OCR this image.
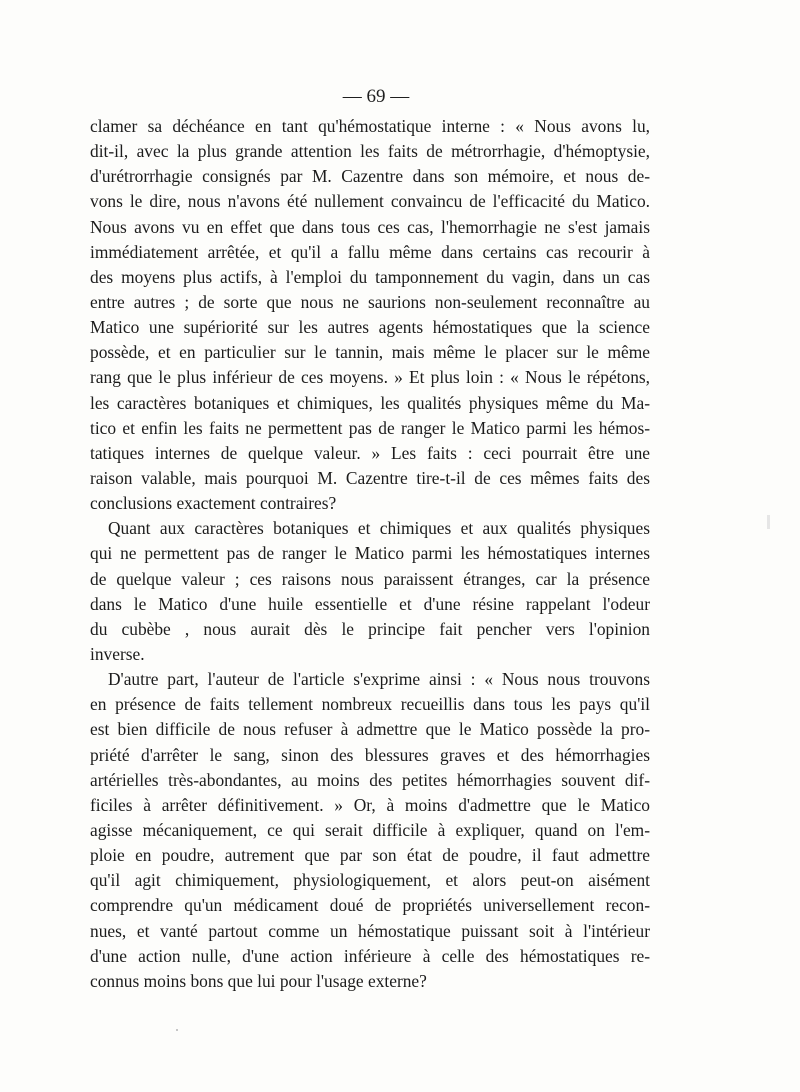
— 69 —
clamer sa déchéance en tant qu'hémostatique interne : « Nous avons lu,
dit-il, avec la plus grande attention les faits de métrorrhagie, d'hémoptysie,
d'urétrorrhagie consignés par M. Cazentre dans son mémoire, et nous de-
vons le dire, nous n'avons été nullement convaincu de l'efficacité du Matico.
Nous avons vu en effet que dans tous ces cas, l'hemorrhagie ne s'est jamais
immédiatement arrêtée, et qu'il a fallu même dans certains cas recourir à
des moyens plus actifs, à l'emploi du tamponnement du vagin, dans un cas
entre autres ; de sorte que nous ne saurions non-seulement reconnaître au
Matico une supériorité sur les autres agents hémostatiques que la science
possède, et en particulier sur le tannin, mais même le placer sur le même
rang que le plus inférieur de ces moyens. » Et plus loin : « Nous le répétons,
les caractères botaniques et chimiques, les qualités physiques même du Ma-
tico et enfin les faits ne permettent pas de ranger le Matico parmi les hémos-
tatiques internes de quelque valeur. » Les faits : ceci pourrait être une
raison valable, mais pourquoi M. Cazentre tire-t-il de ces mêmes faits des
conclusions exactement contraires?
Quant aux caractères botaniques et chimiques et aux qualités physiques
qui ne permettent pas de ranger le Matico parmi les hémostatiques internes
de quelque valeur ; ces raisons nous paraissent étranges, car la présence
dans le Matico d'une huile essentielle et d'une résine rappelant l'odeur
du cubèbe , nous aurait dès le principe fait pencher vers l'opinion
inverse.
D'autre part, l'auteur de l'article s'exprime ainsi : « Nous nous trouvons
en présence de faits tellement nombreux recueillis dans tous les pays qu'il
est bien difficile de nous refuser à admettre que le Matico possède la pro-
priété d'arrêter le sang, sinon des blessures graves et des hémorrhagies
artérielles très-abondantes, au moins des petites hémorrhagies souvent dif-
ficiles à arrêter définitivement. » Or, à moins d'admettre que le Matico
agisse mécaniquement, ce qui serait difficile à expliquer, quand on l'em-
ploie en poudre, autrement que par son état de poudre, il faut admettre
qu'il agit chimiquement, physiologiquement, et alors peut-on aisément
comprendre qu'un médicament doué de propriétés universellement recon-
nues, et vanté partout comme un hémostatique puissant soit à l'intérieur
d'une action nulle, d'une action inférieure à celle des hémostatiques re-
connus moins bons que lui pour l'usage externe?
